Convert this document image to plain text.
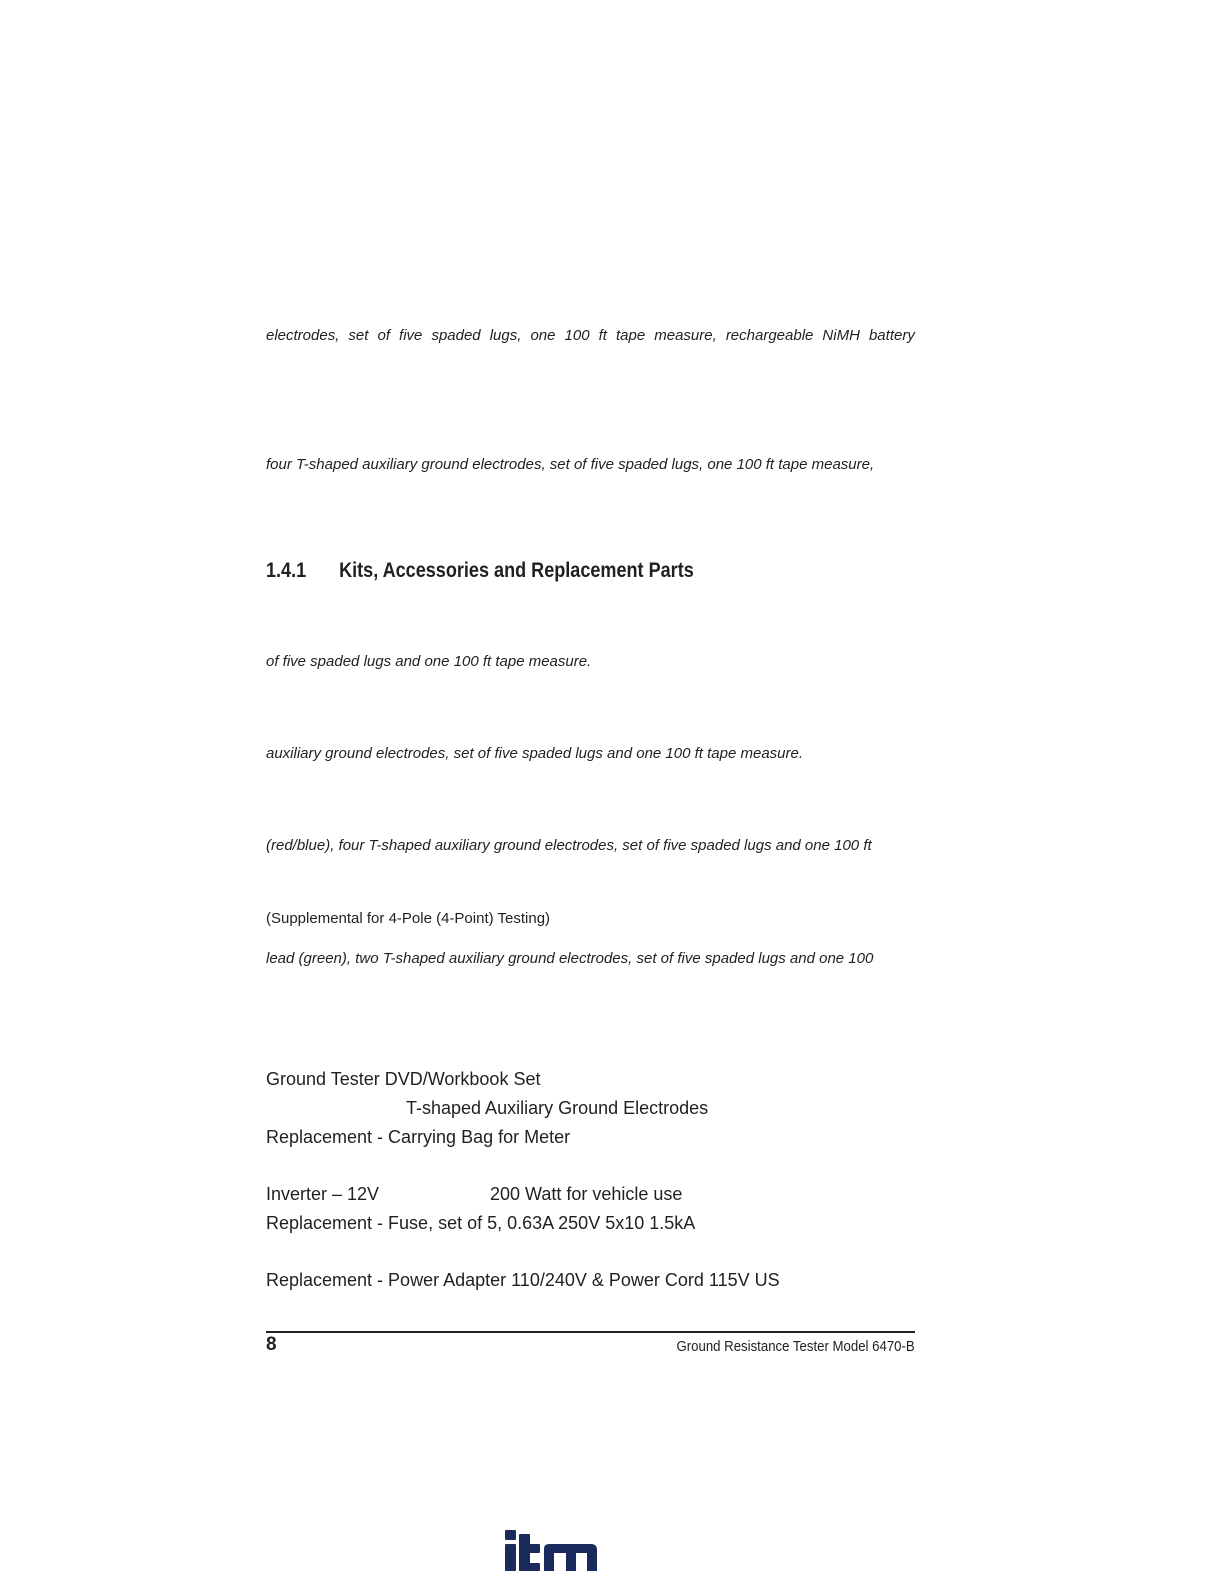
electrodes, set of five spaded lugs, one 100 ft tape measure, rechargeable NiMH battery
four T-shaped auxiliary ground electrodes, set of five spaded lugs, one 100 ft tape measure,
1.4.1 Kits, Accessories and Replacement Parts
of five spaded lugs and one 100 ft tape measure.
auxiliary ground electrodes, set of five spaded lugs and one 100 ft tape measure.
(red/blue), four T-shaped auxiliary ground electrodes, set of five spaded lugs and one 100 ft
(Supplemental for 4-Pole (4-Point) Testing)
lead (green), two T-shaped auxiliary ground electrodes, set of five spaded lugs and one 100
Ground Tester DVD/Workbook Set
T-shaped Auxiliary Ground Electrodes
Replacement - Carrying Bag for Meter
Inverter – 12V	200 Watt for vehicle use
Replacement - Fuse, set of 5, 0.63A 250V 5x10 1.5kA
Replacement - Power Adapter 110/240V & Power Cord 115V US
8	Ground Resistance Tester Model 6470-B
